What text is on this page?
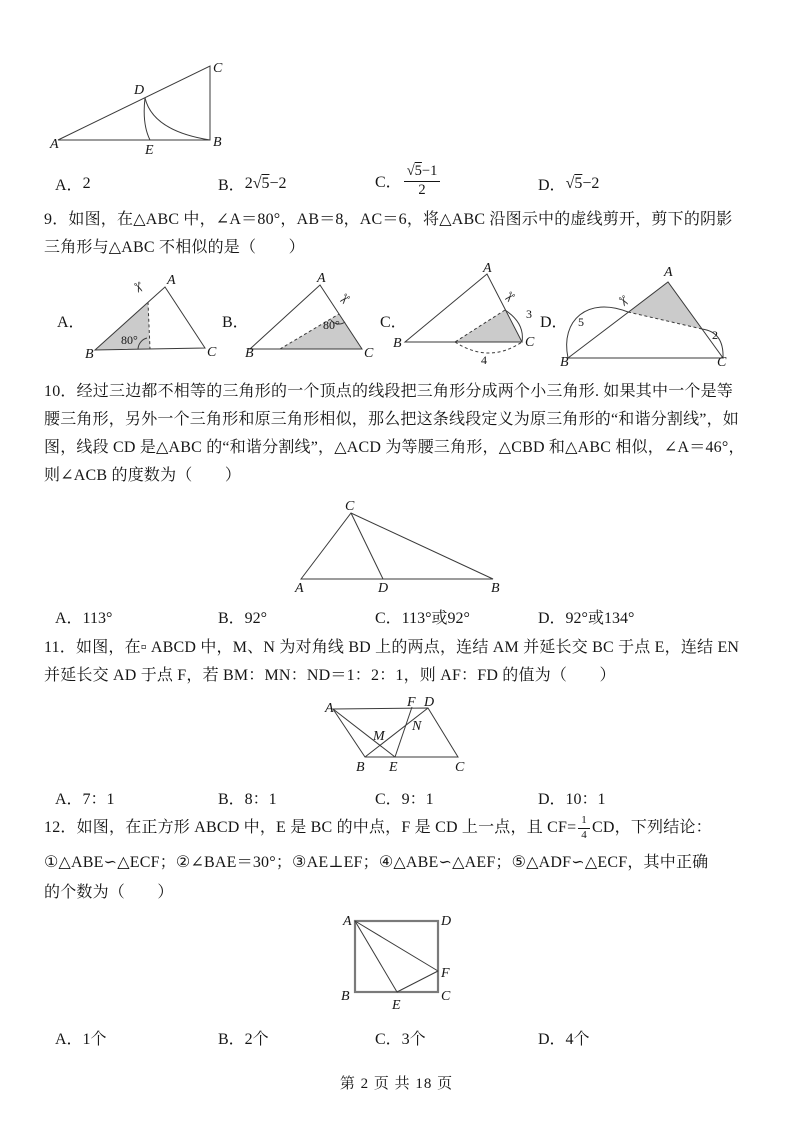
A
C
B
D
E
A． 2	B． 2√ 5 −2	C． $\frac{√5-1}{2}$	D． √ 5 −2
9．如图，在△ABC 中，∠A＝80°，AB＝8，AC＝6，将△ABC 沿图示中的虚线剪开，剪下的阴影
三角形与△ABC 不相似的是（　　）
A．	B．	C．	D．
80°
✂ A
B	C
80°
✂
A
B	C
3
4
✂
A
B	C
5
2
✂
A
B	C
10．经过三边都不相等的三角形的一个顶点的线段把三角形分成两个小三角形. 如果其中一个是等
腰三角形，另外一个三角形和原三角形相似，那么把这条线段定义为原三角形的“和谐分割线”，如
图，线段 CD 是△ABC 的“和谐分割线”，△ACD 为等腰三角形，△CBD 和△ABC 相似，∠A＝46°，
则∠ACB 的度数为（　　）
C
A	D	B
A．113°	B．92°	C．113°或92°	D．92°或134°
11．如图，在▫ ABCD 中，M、N 为对角线 BD 上的两点，连结 AM 并延长交 BC 于点 E，连结 EN
并延长交 AD 于点 F，若 BM：MN：ND＝1：2：1，则 AF：FD 的值为（　　）
A	F D
M
N
B E	C
A．7：1	B．8：1	C．9：1	D．10：1
12．如图，在正方形 ABCD 中，E 是 BC 的中点，F 是 CD 上一点，且 $CF= \frac{1}{4}$ CD，下列结论：
①△ABE∽△ECF；②∠BAE＝30°；③AE⊥EF；④△ABE∽△AEF；⑤△ADF∽△ECF，其中正确
的个数为（　　）
A	D
B	C
E
F
A．1个	B．2个	C．3个	D．4个
第 2 页 共 18 页
